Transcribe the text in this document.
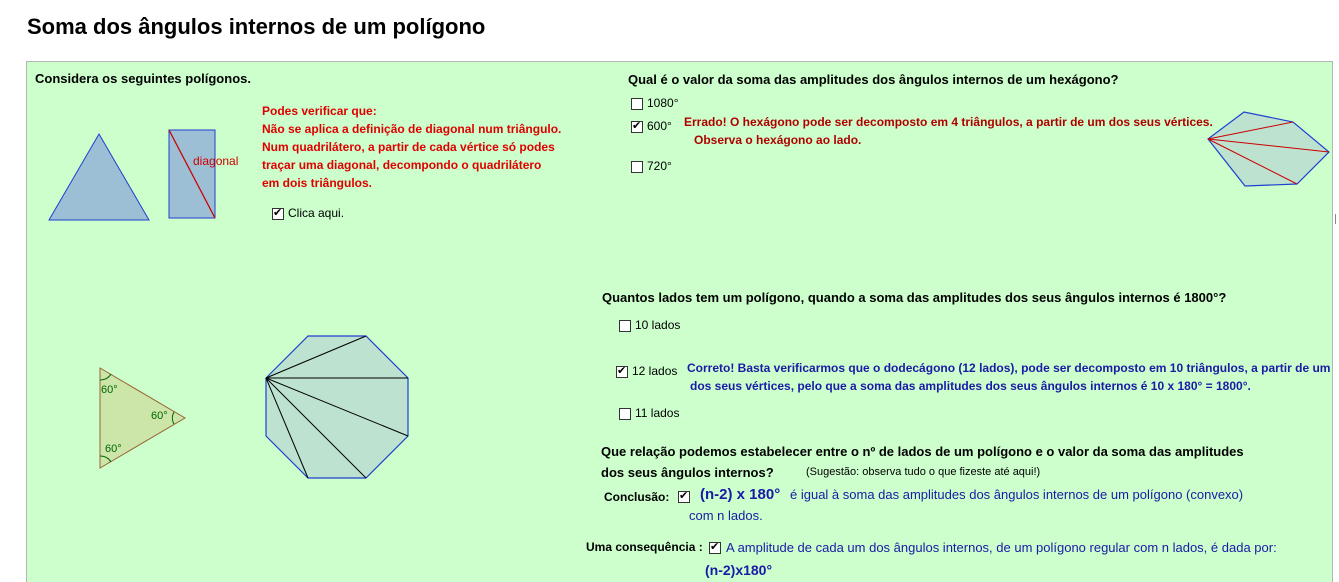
Soma dos ângulos internos de um polígono
Considera os seguintes polígonos.
diagonal
Podes verificar que:
Não se aplica a definição de diagonal num triângulo.
Num quadrilátero, a partir de cada vértice só podes
traçar uma diagonal, decompondo o quadrilátero
em dois triângulos.
✔
Clica aqui.
60°
60°
60°
Qual é o valor da soma das amplitudes dos ângulos internos de um hexágono?
1080°
✔
600°
720°
Errado! O hexágono pode ser decomposto em 4 triângulos, a partir de um dos seus vértices.
Observa o hexágono ao lado.
Quantos lados tem um polígono, quando a soma das amplitudes dos seus ângulos internos é 1800°?
10 lados
✔
12 lados
11 lados
Correto! Basta verificarmos que o dodecágono (12 lados), pode ser decomposto em 10 triângulos, a partir de um
dos seus vértices, pelo que a soma das amplitudes dos seus ângulos internos é 10 x 180° = 1800°.
Que relação podemos estabelecer entre o nº de lados de um polígono e o valor da soma das amplitudes
dos seus ângulos internos?	(Sugestão: observa tudo o que fizeste até aqui!)
Conclusão: ✔ (n-2) x 180° é igual à soma das amplitudes dos ângulos internos de um polígono (convexo)
com n lados.
Uma consequência : ✔ A amplitude de cada um dos ângulos internos, de um polígono regular com n lados, é dada por:
(n-2)x180°
